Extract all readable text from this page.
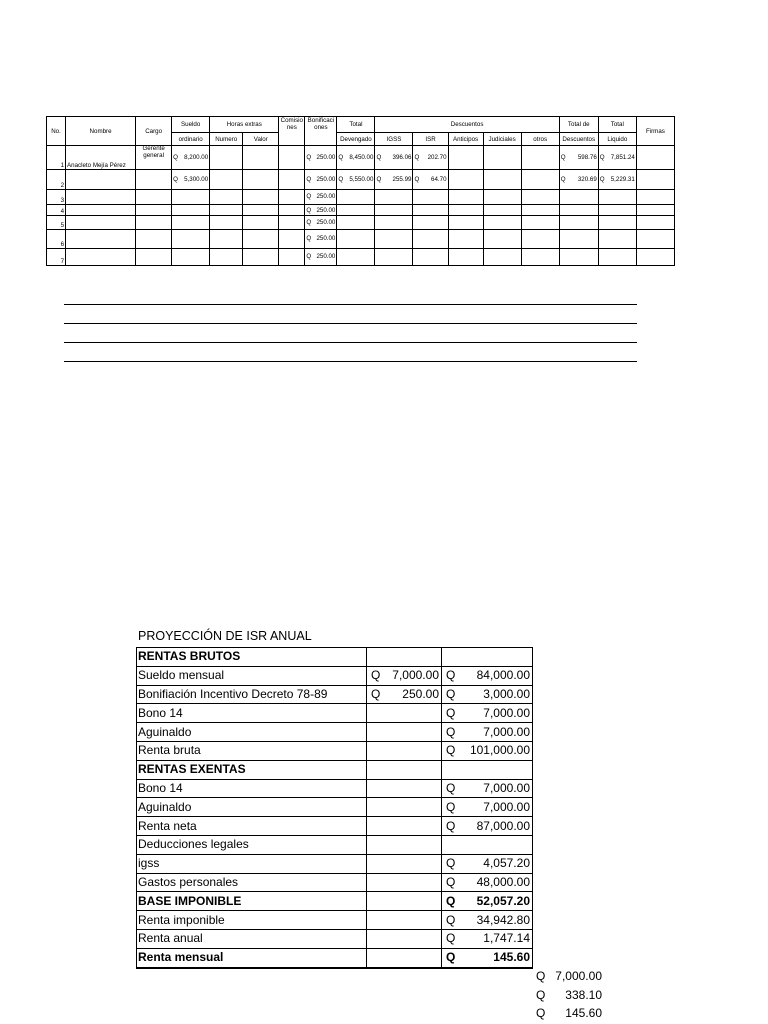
No.	Nombre	Cargo	Sueldo	Horas extras		Comisio nes	Bonificaci ones	Total	Descuentos					Total de	Total	Firmas
			ordinario	Numero	Valor			Devengado	IGSS	ISR	Anticipos	Judiciales	otros	Descuentos	Liquido	
1	Anacleto Mejía Pérez	Gerente general	Q 8,200.00				Q 250.00	Q 8,450.00	Q 396.06	Q 202.70				Q 598.76	Q 7,851.24	

2			Q 5,300.00				Q 250.00	Q 5,550.00	Q 255.99	Q 64.70				Q 320.69	Q 5,229.31	

3							Q 250.00									

4							Q 250.00									

5							Q 250.00									

6							Q 250.00									

7							Q 250.00									

PROYECCIÓN DE ISR ANUAL
RENTAS BRUTOS		
Sueldo mensual	Q 7,000.00	Q 84,000.00

Bonifiación Incentivo Decreto 78-89	Q 250.00	Q 3,000.00

Bono 14		Q 7,000.00

Aguinaldo		Q 7,000.00

Renta bruta		Q 101,000.00

RENTAS EXENTAS		
Bono 14		Q 7,000.00

Aguinaldo		Q 7,000.00

Renta neta		Q 87,000.00

Deducciones legales		
igss		Q 4,057.20

Gastos personales		Q 48,000.00

BASE IMPONIBLE		Q 52,057.20

Renta imponible		Q 34,942.80

Renta anual		Q 1,747.14

Renta mensual		Q 145.60
Q 7,000.00
Q 338.10
Q 145.60
